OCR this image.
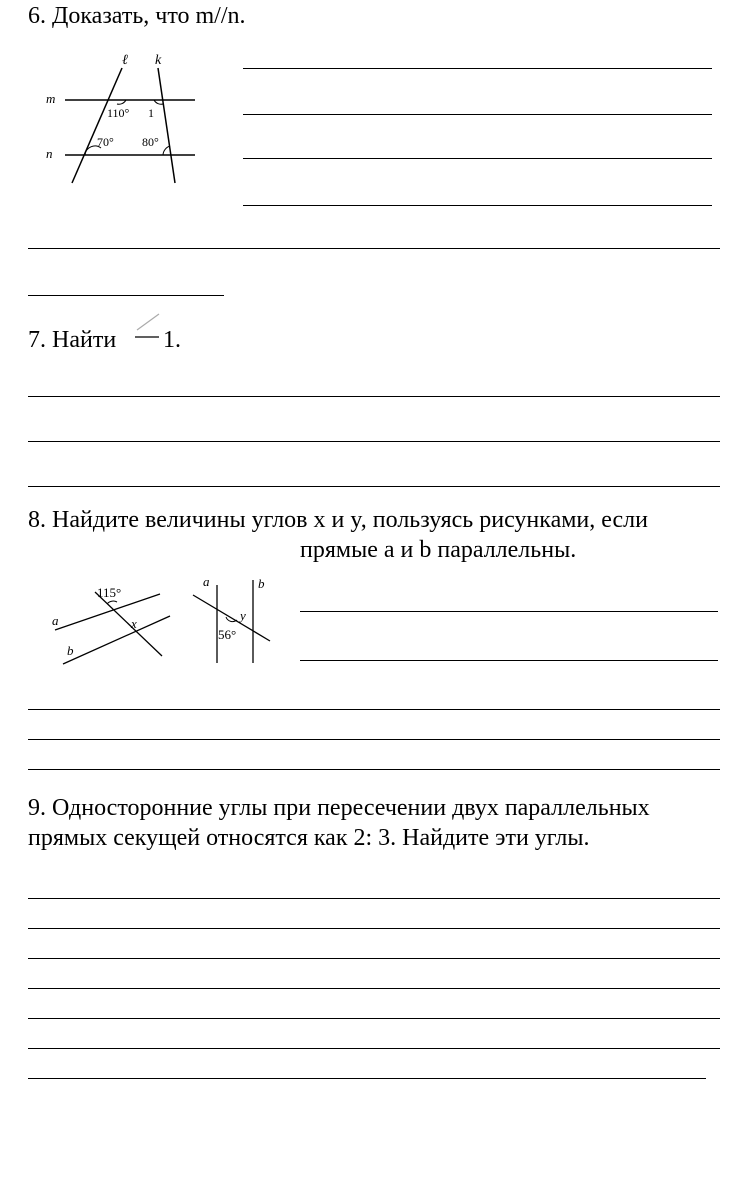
6. Доказать, что m//n.
ℓ k
m
n
110° 1
70° 80°
7. Найти 1.
8. Найдите величины углов x и y, пользуясь рисунками, если
прямые a и b параллельны.
115°
a
b
x
a	b
y
56°
9. Односторонние углы при пересечении двух параллельных
прямых секущей относятся как 2: 3. Найдите эти углы.
